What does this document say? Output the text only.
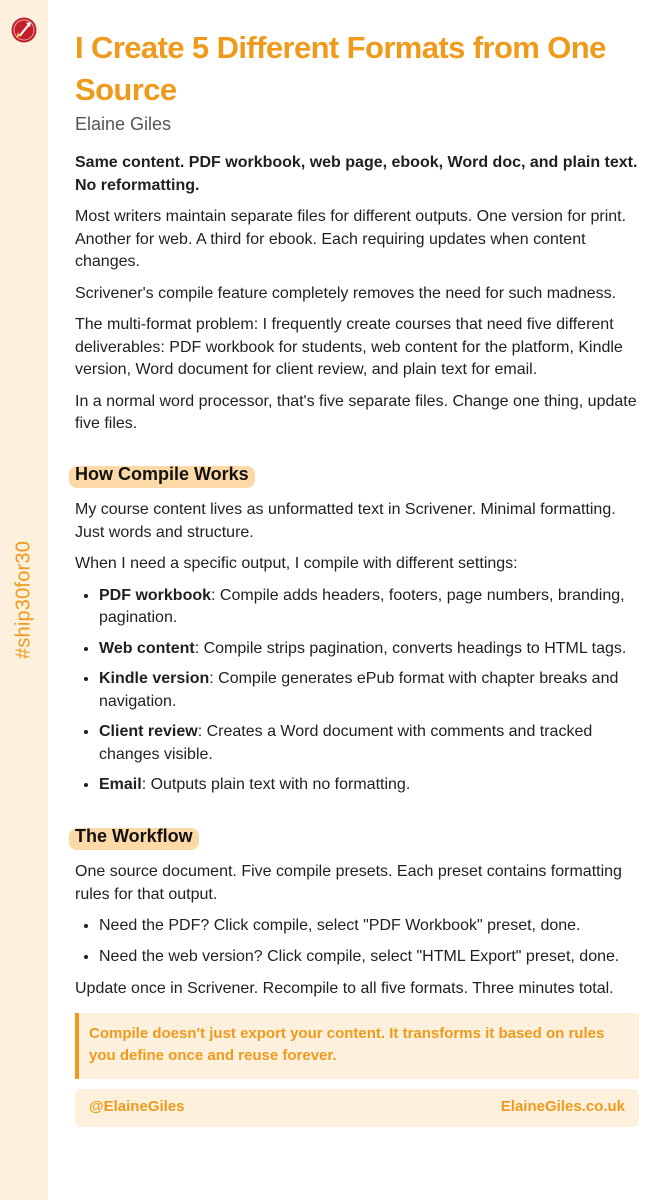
#ship30for30
I Create 5 Different Formats from One Source
Elaine Giles

Same content. PDF workbook, web page, ebook, Word doc, and plain text. No reformatting.

Most writers maintain separate files for different outputs. One version for print. Another for web. A third for ebook. Each requiring updates when content changes.

Scrivener's compile feature completely removes the need for such madness.

The multi-format problem: I frequently create courses that need five different deliverables: PDF workbook for students, web content for the platform, Kindle version, Word document for client review, and plain text for email.

In a normal word processor, that's five separate files. Change one thing, update five files.

How Compile Works

My course content lives as unformatted text in Scrivener. Minimal formatting. Just words and structure.

When I need a specific output, I compile with different settings:

• PDF workbook: Compile adds headers, footers, page numbers, branding, pagination.
• Web content: Compile strips pagination, converts headings to HTML tags.
• Kindle version: Compile generates ePub format with chapter breaks and navigation.
• Client review: Creates a Word document with comments and tracked changes visible.
• Email: Outputs plain text with no formatting.
The Workflow

One source document. Five compile presets. Each preset contains formatting rules for that output.

• Need the PDF? Click compile, select "PDF Workbook" preset, done.
• Need the web version? Click compile, select "HTML Export" preset, done.

Update once in Scrivener. Recompile to all five formats. Three minutes total.

Compile doesn't just export your content. It transforms it based on rules you define once and reuse forever.
@ElaineGiles	ElaineGiles.co.uk
